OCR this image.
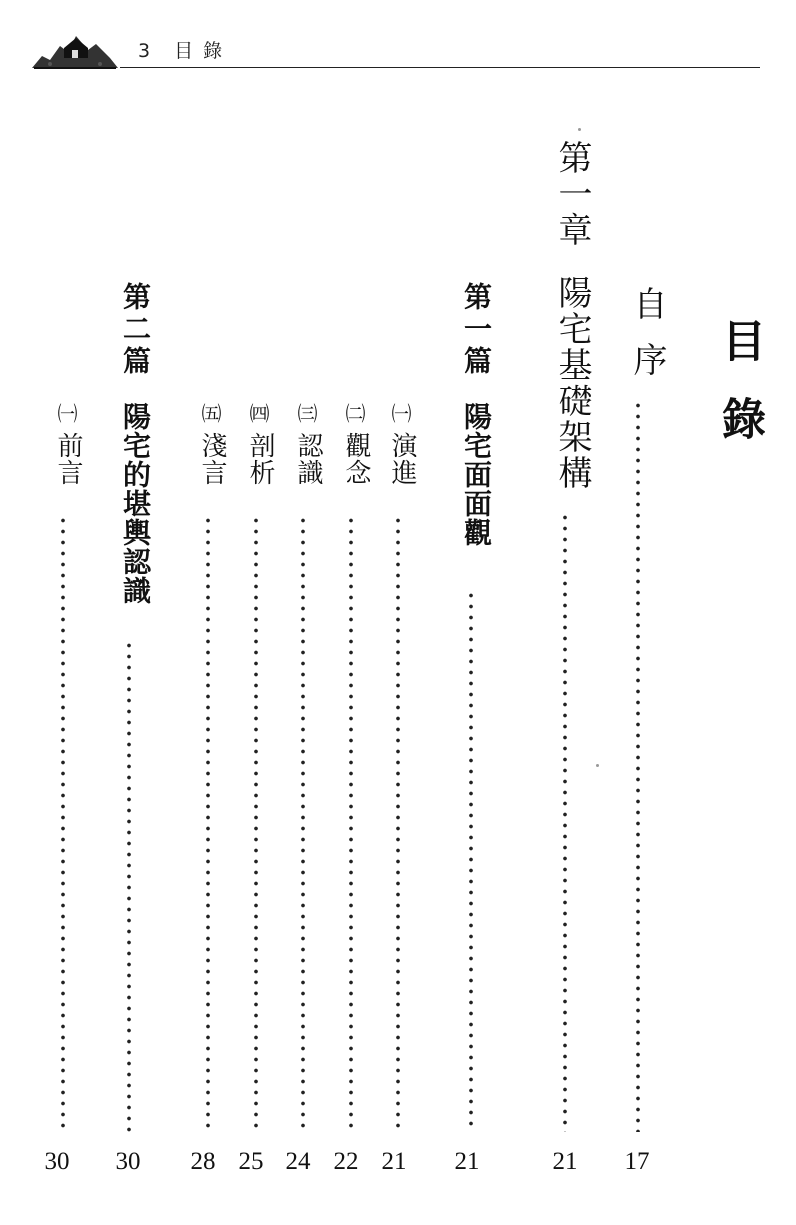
3 目錄
目錄
自序
17
第一章
陽宅基礎架構
21
第一篇
陽宅面面觀
21
㈠
演進
21
㈡
觀念
22
㈢
認識
24
㈣
剖析
25
㈤
淺言
28
第二篇
陽宅的堪輿認識
30
㈠
前言
30
